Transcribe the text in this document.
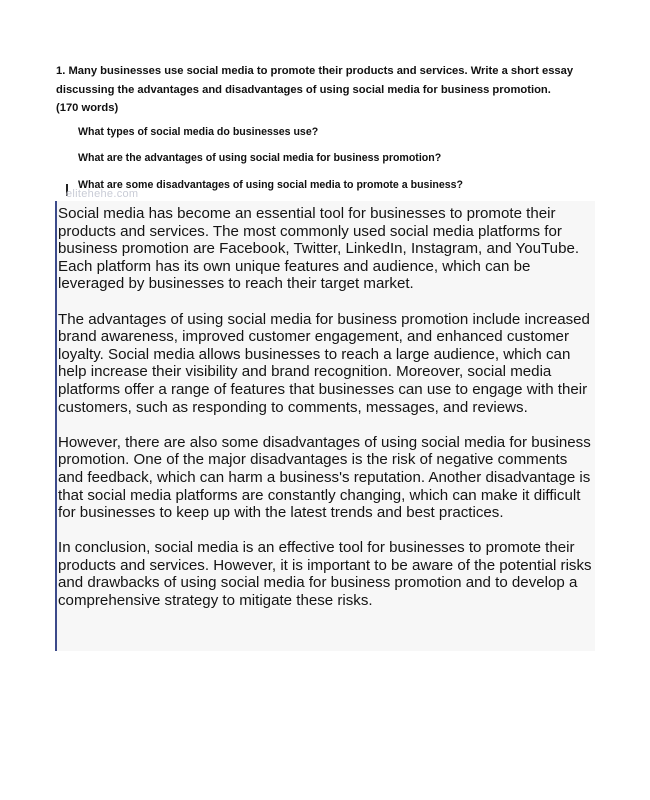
1. Many businesses use social media to promote their products and services. Write a short essay discussing the advantages and disadvantages of using social media for business promotion. (170 words)
What types of social media do businesses use?
What are the advantages of using social media for business promotion?
What are some disadvantages of using social media to promote a business?
elitehehe.com

Social media has become an essential tool for businesses to promote their products and services. The most commonly used social media platforms for business promotion are Facebook, Twitter, LinkedIn, Instagram, and YouTube. Each platform has its own unique features and audience, which can be leveraged by businesses to reach their target market.

The advantages of using social media for business promotion include increased brand awareness, improved customer engagement, and enhanced customer loyalty. Social media allows businesses to reach a large audience, which can help increase their visibility and brand recognition. Moreover, social media platforms offer a range of features that businesses can use to engage with their customers, such as responding to comments, messages, and reviews.

However, there are also some disadvantages of using social media for business promotion. One of the major disadvantages is the risk of negative comments and feedback, which can harm a business's reputation. Another disadvantage is that social media platforms are constantly changing, which can make it difficult for businesses to keep up with the latest trends and best practices.

In conclusion, social media is an effective tool for businesses to promote their products and services. However, it is important to be aware of the potential risks and drawbacks of using social media for business promotion and to develop a comprehensive strategy to mitigate these risks.
